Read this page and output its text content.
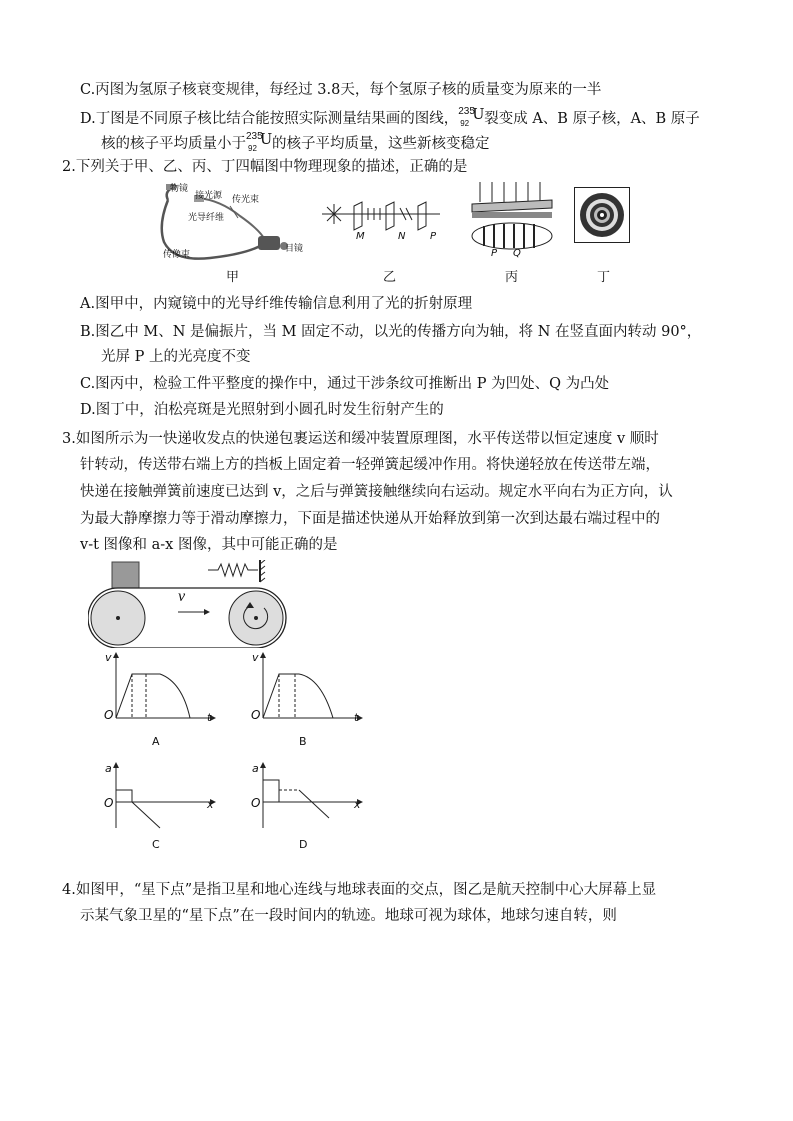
C.丙图为氢原子核衰变规律，每经过 3.8天，每个氢原子核的质量变为原来的一半
D.丁图是不同原子核比结合能按照实际测量结果画的图线， 235
92
U 裂变成 A、B 原子核，A、B 原子
核的核子平均质量小于 235
92
U 的核子平均质量，这些新核变稳定
2.下列关于甲、乙、丙、丁四幅图中物理现象的描述，正确的是
物镜
接光源 传光束
光导纤维
传像束
目镜
M	N P
P Q
甲	乙	丙	丁
A.图甲中，内窥镜中的光导纤维传输信息利用了光的折射原理
B.图乙中 M、N 是偏振片，当 M 固定不动，以光的传播方向为轴，将 N 在竖直面内转动 90°，
光屏 P 上的光亮度不变
C.图丙中，检验工件平整度的操作中，通过干涉条纹可推断出 P 为凹处、Q 为凸处
D.图丁中，泊松亮斑是光照射到小圆孔时发生衍射产生的
3.如图所示为一快递收发点的快递包裹运送和缓冲装置原理图，水平传送带以恒定速度 v 顺时
针转动，传送带右端上方的挡板上固定着一轻弹簧起缓冲作用。将快递轻放在传送带左端，
快递在接触弹簧前速度已达到 v，之后与弹簧接触继续向右运动。规定水平向右为正方向，认
为最大静摩擦力等于滑动摩擦力，下面是描述快递从开始释放到第一次到达最右端过程中的
v-t 图像和 a-x 图像，其中可能正确的是
v
v
O	t
A
v
O	t
B
a
O	x
C
a
O	x
D
4.如图甲，“星下点”是指卫星和地心连线与地球表面的交点，图乙是航天控制中心大屏幕上显
示某气象卫星的“星下点”在一段时间内的轨迹。地球可视为球体，地球匀速自转，则
